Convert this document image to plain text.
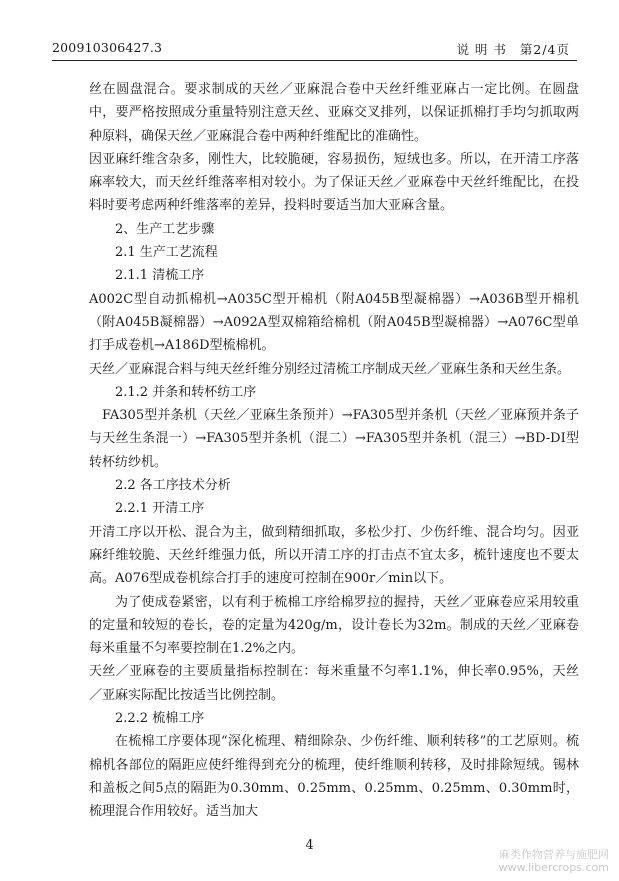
200910306427.3	说 明 书 第2/4页

丝在圆盘混合。要求制成的天丝／亚麻混合卷中天丝纤维亚麻占一定比例。在圆盘中，要严格按照成分重量特别注意天丝、亚麻交叉排列，以保证抓棉打手均匀抓取两种原料，确保天丝／亚麻混合卷中两种纤维配比的准确性。

因亚麻纤维含杂多，刚性大，比较脆硬，容易损伤，短绒也多。所以，在开清工序落麻率较大，而天丝纤维落率相对较小。为了保证天丝／亚麻卷中天丝纤维配比，在投料时要考虑两种纤维落率的差异，投料时要适当加大亚麻含量。

2、生产工艺步骤

2.1 生产工艺流程

2.1.1 清梳工序

A002C型自动抓棉机→A035C型开棉机（附A045B型凝棉器）→A036B型开棉机（附A045B凝棉器）→A092A型双棉箱给棉机（附A045B型凝棉器）→A076C型单打手成卷机→A186D型梳棉机。

天丝／亚麻混合料与纯天丝纤维分别经过清梳工序制成天丝／亚麻生条和天丝生条。

2.1.2 并条和转杯纺工序

FA305型并条机（天丝／亚麻生条预并）→FA305型并条机（天丝／亚麻预并条子与天丝生条混一）→FA305型并条机（混二）→FA305型并条机（混三）→BD-DI型转杯纺纱机。

2.2 各工序技术分析

2.2.1 开清工序

开清工序以开松、混合为主，做到精细抓取，多松少打、少伤纤维、混合均匀。因亚麻纤维较脆、天丝纤维强力低，所以开清工序的打击点不宜太多，梳针速度也不要太高。A076型成卷机综合打手的速度可控制在900r／min以下。

为了使成卷紧密，以有利于梳棉工序给棉罗拉的握持，天丝／亚麻卷应采用较重的定量和较短的卷长，卷的定量为420g/m，设计卷长为32m。制成的天丝／亚麻卷每米重量不匀率要控制在1.2%之内。

天丝／亚麻卷的主要质量指标控制在：每米重量不匀率1.1%，伸长率0.95%，天丝／亚麻实际配比按适当比例控制。

2.2.2 梳棉工序

在梳棉工序要体现“深化梳理、精细除杂、少伤纤维、顺利转移”的工艺原则。梳棉机各部位的隔距应使纤维得到充分的梳理，使纤维顺利转移，及时排除短绒。锡林和盖板之间5点的隔距为0.30mm、0.25mm、0.25mm、0.25mm、0.30mm时，梳理混合作用较好。适当加大

4
麻类作物营养与施肥网
www.libercrops.com
